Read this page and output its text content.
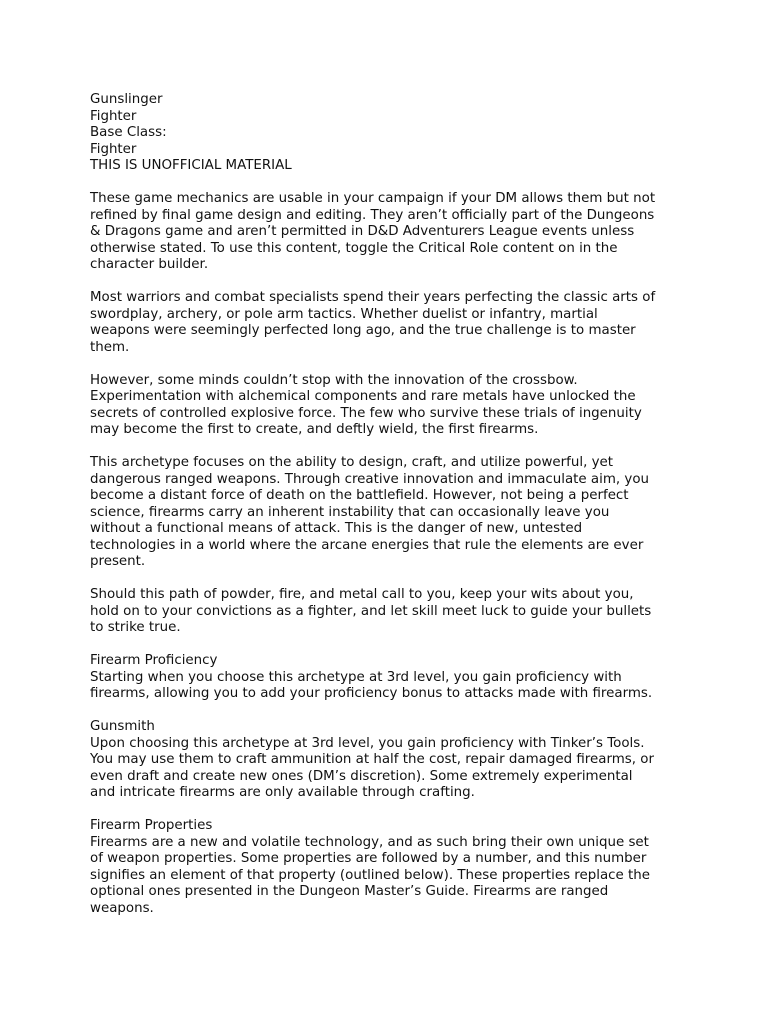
Gunslinger
Fighter
Base Class:
Fighter
THIS IS UNOFFICIAL MATERIAL
These game mechanics are usable in your campaign if your DM allows them but not
refined by final game design and editing. They aren’t officially part of the Dungeons
& Dragons game and aren’t permitted in D&D Adventurers League events unless
otherwise stated. To use this content, toggle the Critical Role content on in the
character builder.
Most warriors and combat specialists spend their years perfecting the classic arts of
swordplay, archery, or pole arm tactics. Whether duelist or infantry, martial
weapons were seemingly perfected long ago, and the true challenge is to master
them.
However, some minds couldn’t stop with the innovation of the crossbow.
Experimentation with alchemical components and rare metals have unlocked the
secrets of controlled explosive force. The few who survive these trials of ingenuity
may become the first to create, and deftly wield, the first firearms.
This archetype focuses on the ability to design, craft, and utilize powerful, yet
dangerous ranged weapons. Through creative innovation and immaculate aim, you
become a distant force of death on the battlefield. However, not being a perfect
science, firearms carry an inherent instability that can occasionally leave you
without a functional means of attack. This is the danger of new, untested
technologies in a world where the arcane energies that rule the elements are ever
present.
Should this path of powder, fire, and metal call to you, keep your wits about you,
hold on to your convictions as a fighter, and let skill meet luck to guide your bullets
to strike true.
Firearm Proficiency
Starting when you choose this archetype at 3rd level, you gain proficiency with
firearms, allowing you to add your proficiency bonus to attacks made with firearms.
Gunsmith
Upon choosing this archetype at 3rd level, you gain proficiency with Tinker’s Tools.
You may use them to craft ammunition at half the cost, repair damaged firearms, or
even draft and create new ones (DM’s discretion). Some extremely experimental
and intricate firearms are only available through crafting.
Firearm Properties
Firearms are a new and volatile technology, and as such bring their own unique set
of weapon properties. Some properties are followed by a number, and this number
signifies an element of that property (outlined below). These properties replace the
optional ones presented in the Dungeon Master’s Guide. Firearms are ranged
weapons.
